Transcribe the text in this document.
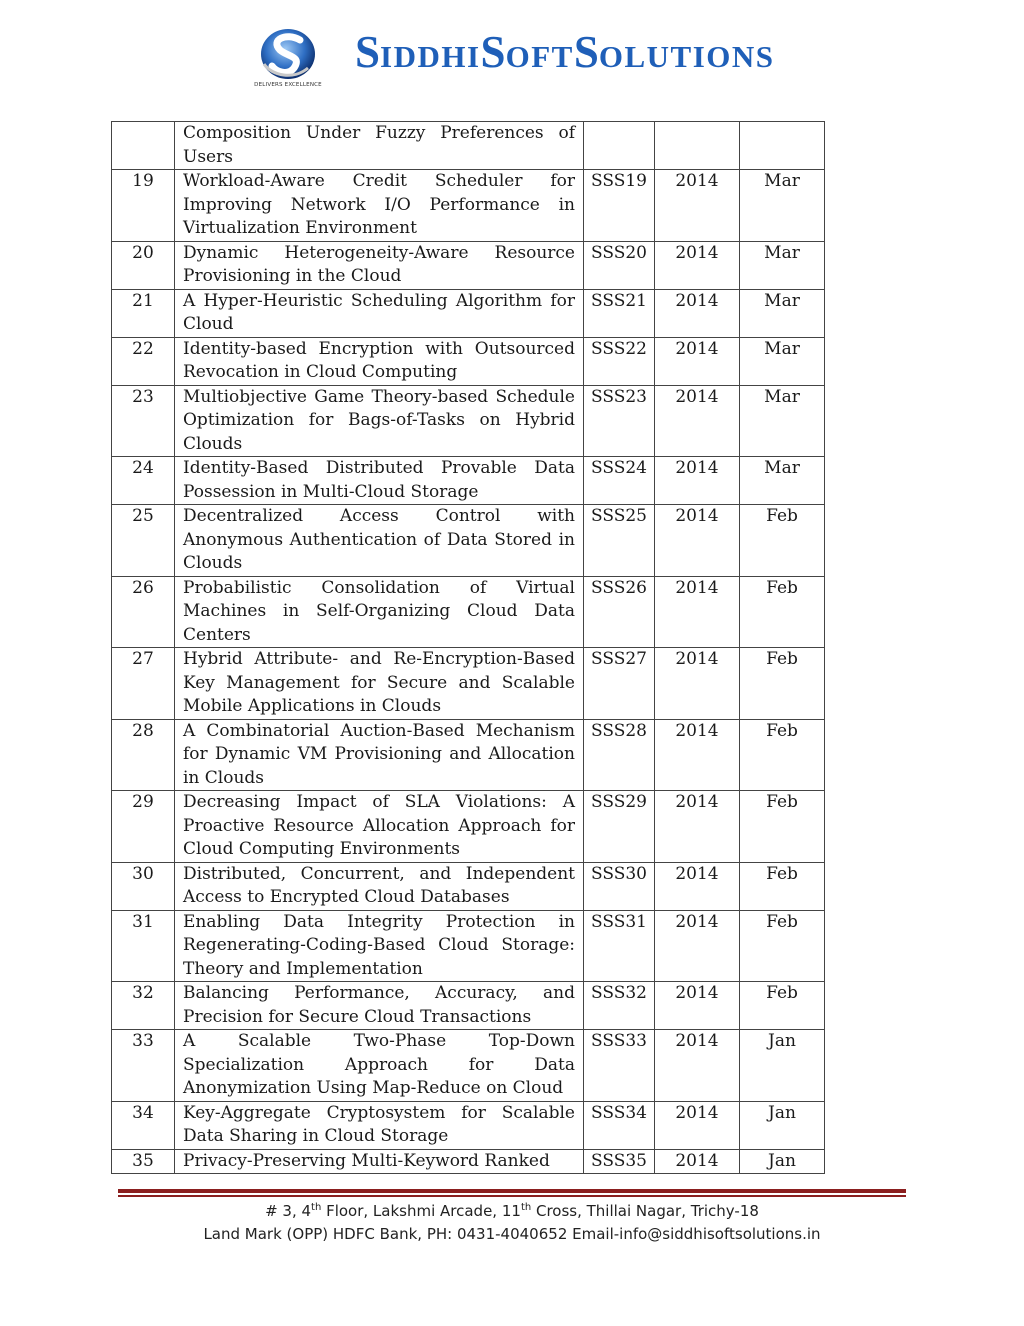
DELIVERS EXCELLENCE
SIDDHISOFTSOLUTIONS
	Composition Under Fuzzy Preferences of Users			
19	Workload-Aware Credit Scheduler for Improving Network I/O Performance in Virtualization Environment	SSS19	2014	Mar
20	Dynamic Heterogeneity-Aware Resource Provisioning in the Cloud	SSS20	2014	Mar
21	A Hyper-Heuristic Scheduling Algorithm for Cloud	SSS21	2014	Mar
22	Identity-based Encryption with Outsourced Revocation in Cloud Computing	SSS22	2014	Mar
23	Multiobjective Game Theory-based Schedule Optimization for Bags-of-Tasks on Hybrid Clouds	SSS23	2014	Mar
24	Identity-Based Distributed Provable Data Possession in Multi-Cloud Storage	SSS24	2014	Mar
25	Decentralized Access Control with Anonymous Authentication of Data Stored in Clouds	SSS25	2014	Feb
26	Probabilistic Consolidation of Virtual Machines in Self-Organizing Cloud Data Centers	SSS26	2014	Feb
27	Hybrid Attribute- and Re-Encryption-Based Key Management for Secure and Scalable Mobile Applications in Clouds	SSS27	2014	Feb
28	A Combinatorial Auction-Based Mechanism for Dynamic VM Provisioning and Allocation in Clouds	SSS28	2014	Feb
29	Decreasing Impact of SLA Violations: A Proactive Resource Allocation Approach for Cloud Computing Environments	SSS29	2014	Feb
30	Distributed, Concurrent, and Independent Access to Encrypted Cloud Databases	SSS30	2014	Feb
31	Enabling Data Integrity Protection in Regenerating-Coding-Based Cloud Storage: Theory and Implementation	SSS31	2014	Feb
32	Balancing Performance, Accuracy, and Precision for Secure Cloud Transactions	SSS32	2014	Feb
33	A Scalable Two-Phase Top-Down Specialization Approach for Data Anonymization Using Map-Reduce on Cloud	SSS33	2014	Jan
34	Key-Aggregate Cryptosystem for Scalable Data Sharing in Cloud Storage	SSS34	2014	Jan
35	Privacy-Preserving Multi-Keyword Ranked	SSS35	2014	Jan
# 3, 4th Floor, Lakshmi Arcade, 11th Cross, Thillai Nagar, Trichy-18
Land Mark (OPP) HDFC Bank, PH: 0431-4040652 Email-info@siddhisoftsolutions.in
